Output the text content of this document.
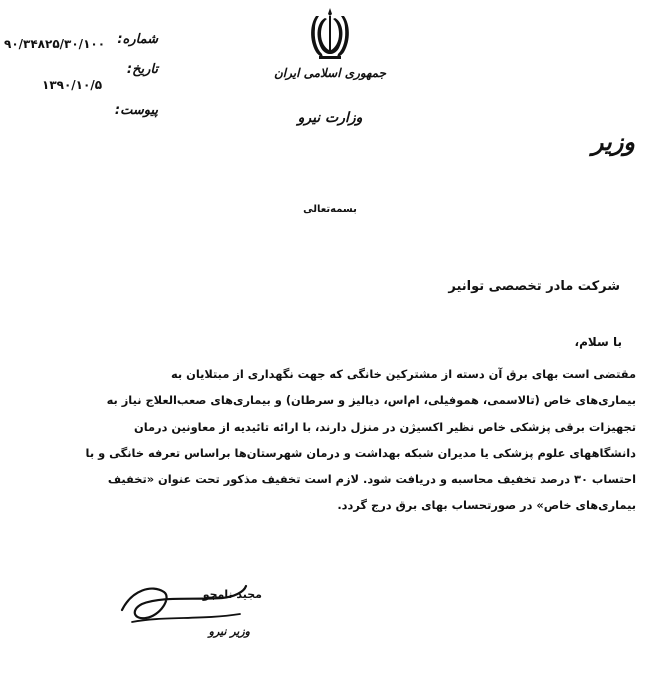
شماره:
۹۰/۳۴۸۲۵/۳۰/۱۰۰
تاریخ:
۱۳۹۰/۱۰/۵
پیوست:
جمهوری اسلامی ایران
وزارت نیرو
وزیر
بسمه‌تعالی
شرکت مادر تخصصی توانیر
با سلام،
مقتضی است بهای برق آن دسته از مشترکین خانگی که جهت نگهداری از مبتلایان به
بیماری‌های خاص (تالاسمی، هموفیلی، ام‌اس، دیالیز و سرطان) و بیماری‌های صعب‌العلاج نیاز به
تجهیزات برقی پزشکی خاص نظیر اکسیژن در منزل دارند، با ارائه تائیدیه از معاونین درمان
دانشگاههای علوم پزشکی یا مدیران شبکه بهداشت و درمان شهرستان‌ها براساس تعرفه خانگی و با
احتساب ۳۰ درصد تخفیف محاسبه و دریافت شود. لازم است تخفیف مذکور تحت عنوان «تخفیف
بیماری‌های خاص» در صورتحساب بهای برق درج گردد.
مجید نامجو
وزیر نیرو
